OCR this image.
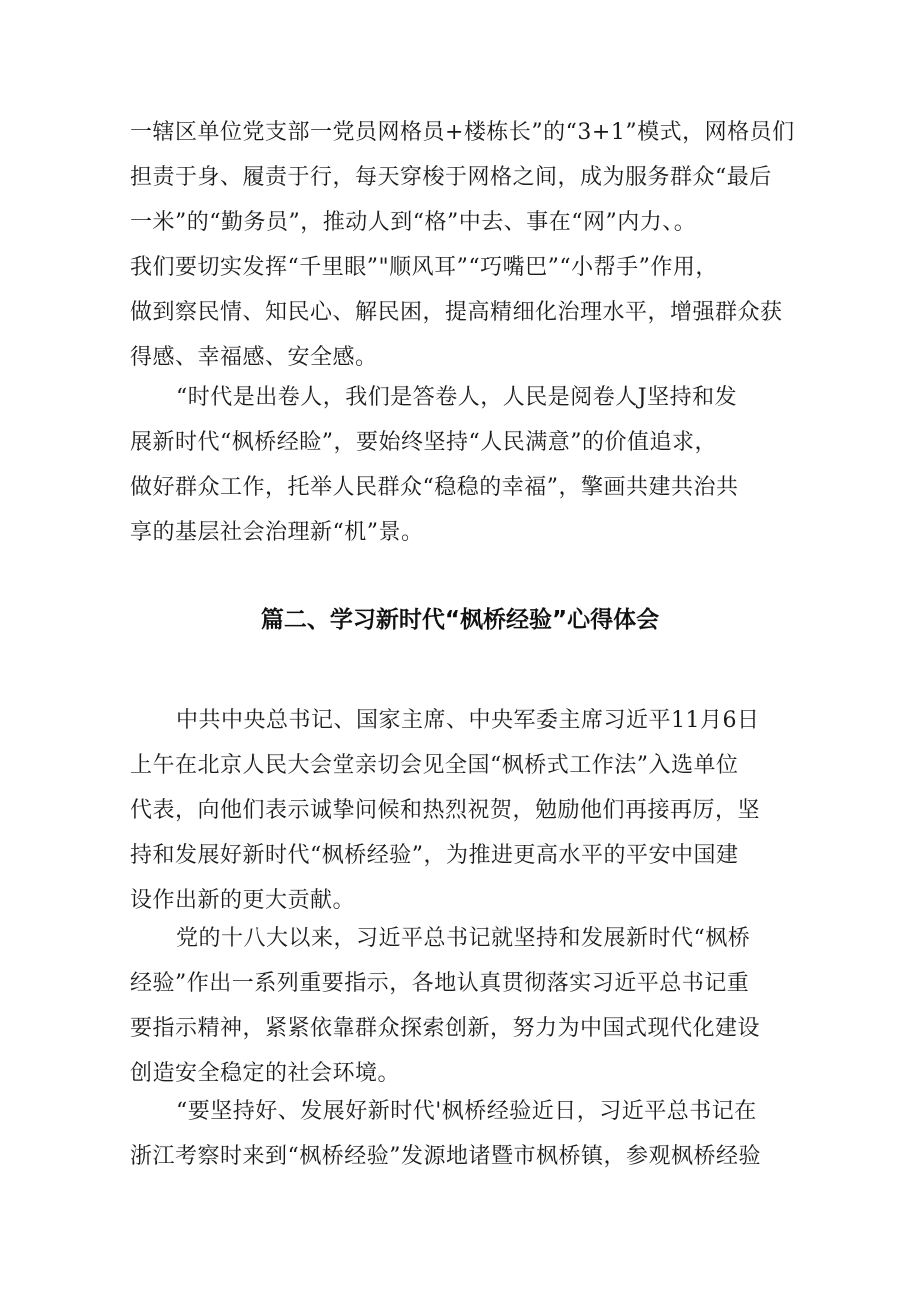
一辖区单位党支部一党员网格员+楼栋长”的“3+1”模式，网格员们
担责于身、履责于行，每天穿梭于网格之间，成为服务群众“最后
一米”的“勤务员”，推动人到“格”中去、事在“网”内力、。
我们要切实发挥“千里眼”"顺风耳”“巧嘴巴”“小帮手”作用，
做到察民情、知民心、解民困，提高精细化治理水平，增强群众获
得感、幸福感、安全感。
“时代是出卷人，我们是答卷人，人民是阅卷人J坚持和发
展新时代“枫桥经睑”，要始终坚持“人民满意”的价值追求，
做好群众工作，托举人民群众“稳稳的幸福”，擎画共建共治共
享的基层社会治理新“机”景。
篇二、学习新时代“枫桥经验”心得体会
中共中央总书记、国家主席、中央军委主席习近平11月6日
上午在北京人民大会堂亲切会见全国“枫桥式工作法”入选单位
代表，向他们表示诚挚问候和热烈祝贺，勉励他们再接再厉，坚
持和发展好新时代“枫桥经验”，为推进更高水平的平安中国建
设作出新的更大贡献。
党的十八大以来，习近平总书记就坚持和发展新时代“枫桥
经验”作出一系列重要指示，各地认真贯彻落实习近平总书记重
要指示精神，紧紧依靠群众探索创新，努力为中国式现代化建设
创造安全稳定的社会环境。
“要坚持好、发展好新时代'枫桥经验近日，习近平总书记在
浙江考察时来到“枫桥经验”发源地诸暨市枫桥镇，参观枫桥经验
